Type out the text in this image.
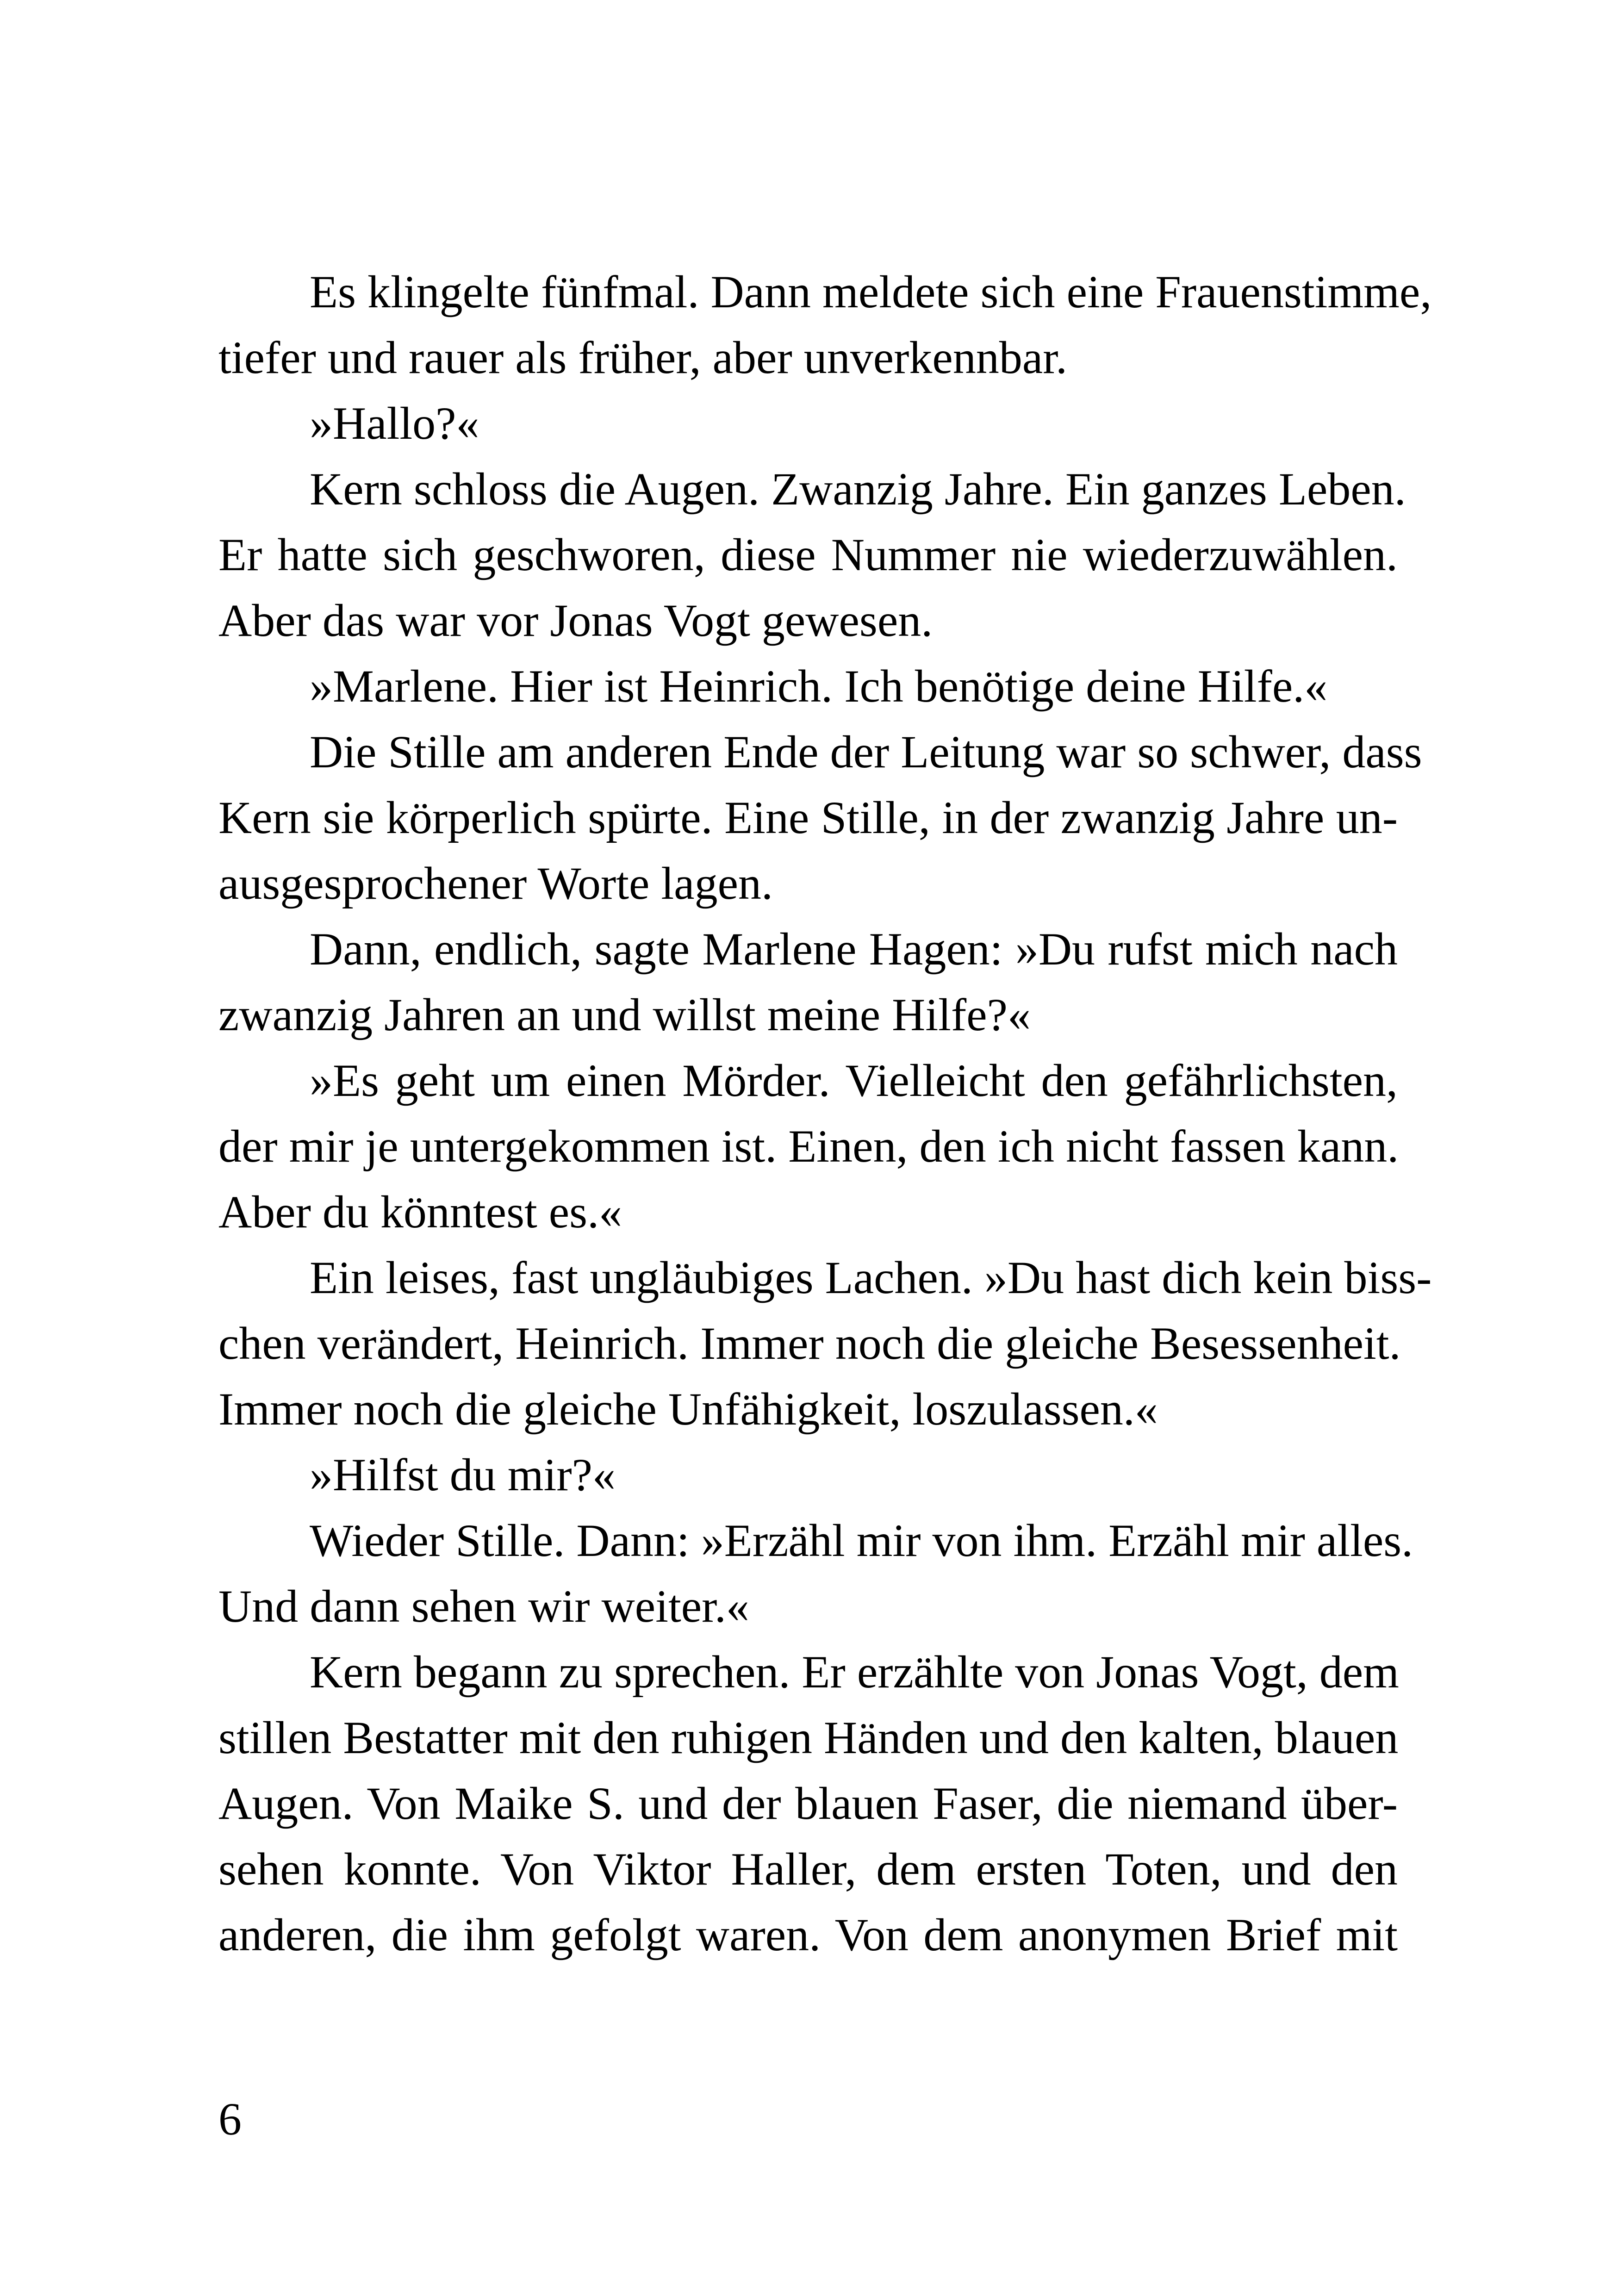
Es klingelte fünfmal. Dann meldete sich eine Frauenstimme,
tiefer und rauer als früher, aber unverkennbar.
»Hallo?«
Kern schloss die Augen. Zwanzig Jahre. Ein ganzes Leben.
Er hatte sich geschworen, diese Nummer nie wiederzuwählen.
Aber das war vor Jonas Vogt gewesen.
»Marlene. Hier ist Heinrich. Ich benötige deine Hilfe.«
Die Stille am anderen Ende der Leitung war so schwer, dass
Kern sie körperlich spürte. Eine Stille, in der zwanzig Jahre un-
ausgesprochener Worte lagen.
Dann, endlich, sagte Marlene Hagen: »Du rufst mich nach
zwanzig Jahren an und willst meine Hilfe?«
»Es geht um einen Mörder. Vielleicht den gefährlichsten,
der mir je untergekommen ist. Einen, den ich nicht fassen kann.
Aber du könntest es.«
Ein leises, fast ungläubiges Lachen. »Du hast dich kein biss-
chen verändert, Heinrich. Immer noch die gleiche Besessenheit.
Immer noch die gleiche Unfähigkeit, loszulassen.«
»Hilfst du mir?«
Wieder Stille. Dann: »Erzähl mir von ihm. Erzähl mir alles.
Und dann sehen wir weiter.«
Kern begann zu sprechen. Er erzählte von Jonas Vogt, dem
stillen Bestatter mit den ruhigen Händen und den kalten, blauen
Augen. Von Maike S. und der blauen Faser, die niemand über-
sehen konnte. Von Viktor Haller, dem ersten Toten, und den
anderen, die ihm gefolgt waren. Von dem anonymen Brief mit
6
